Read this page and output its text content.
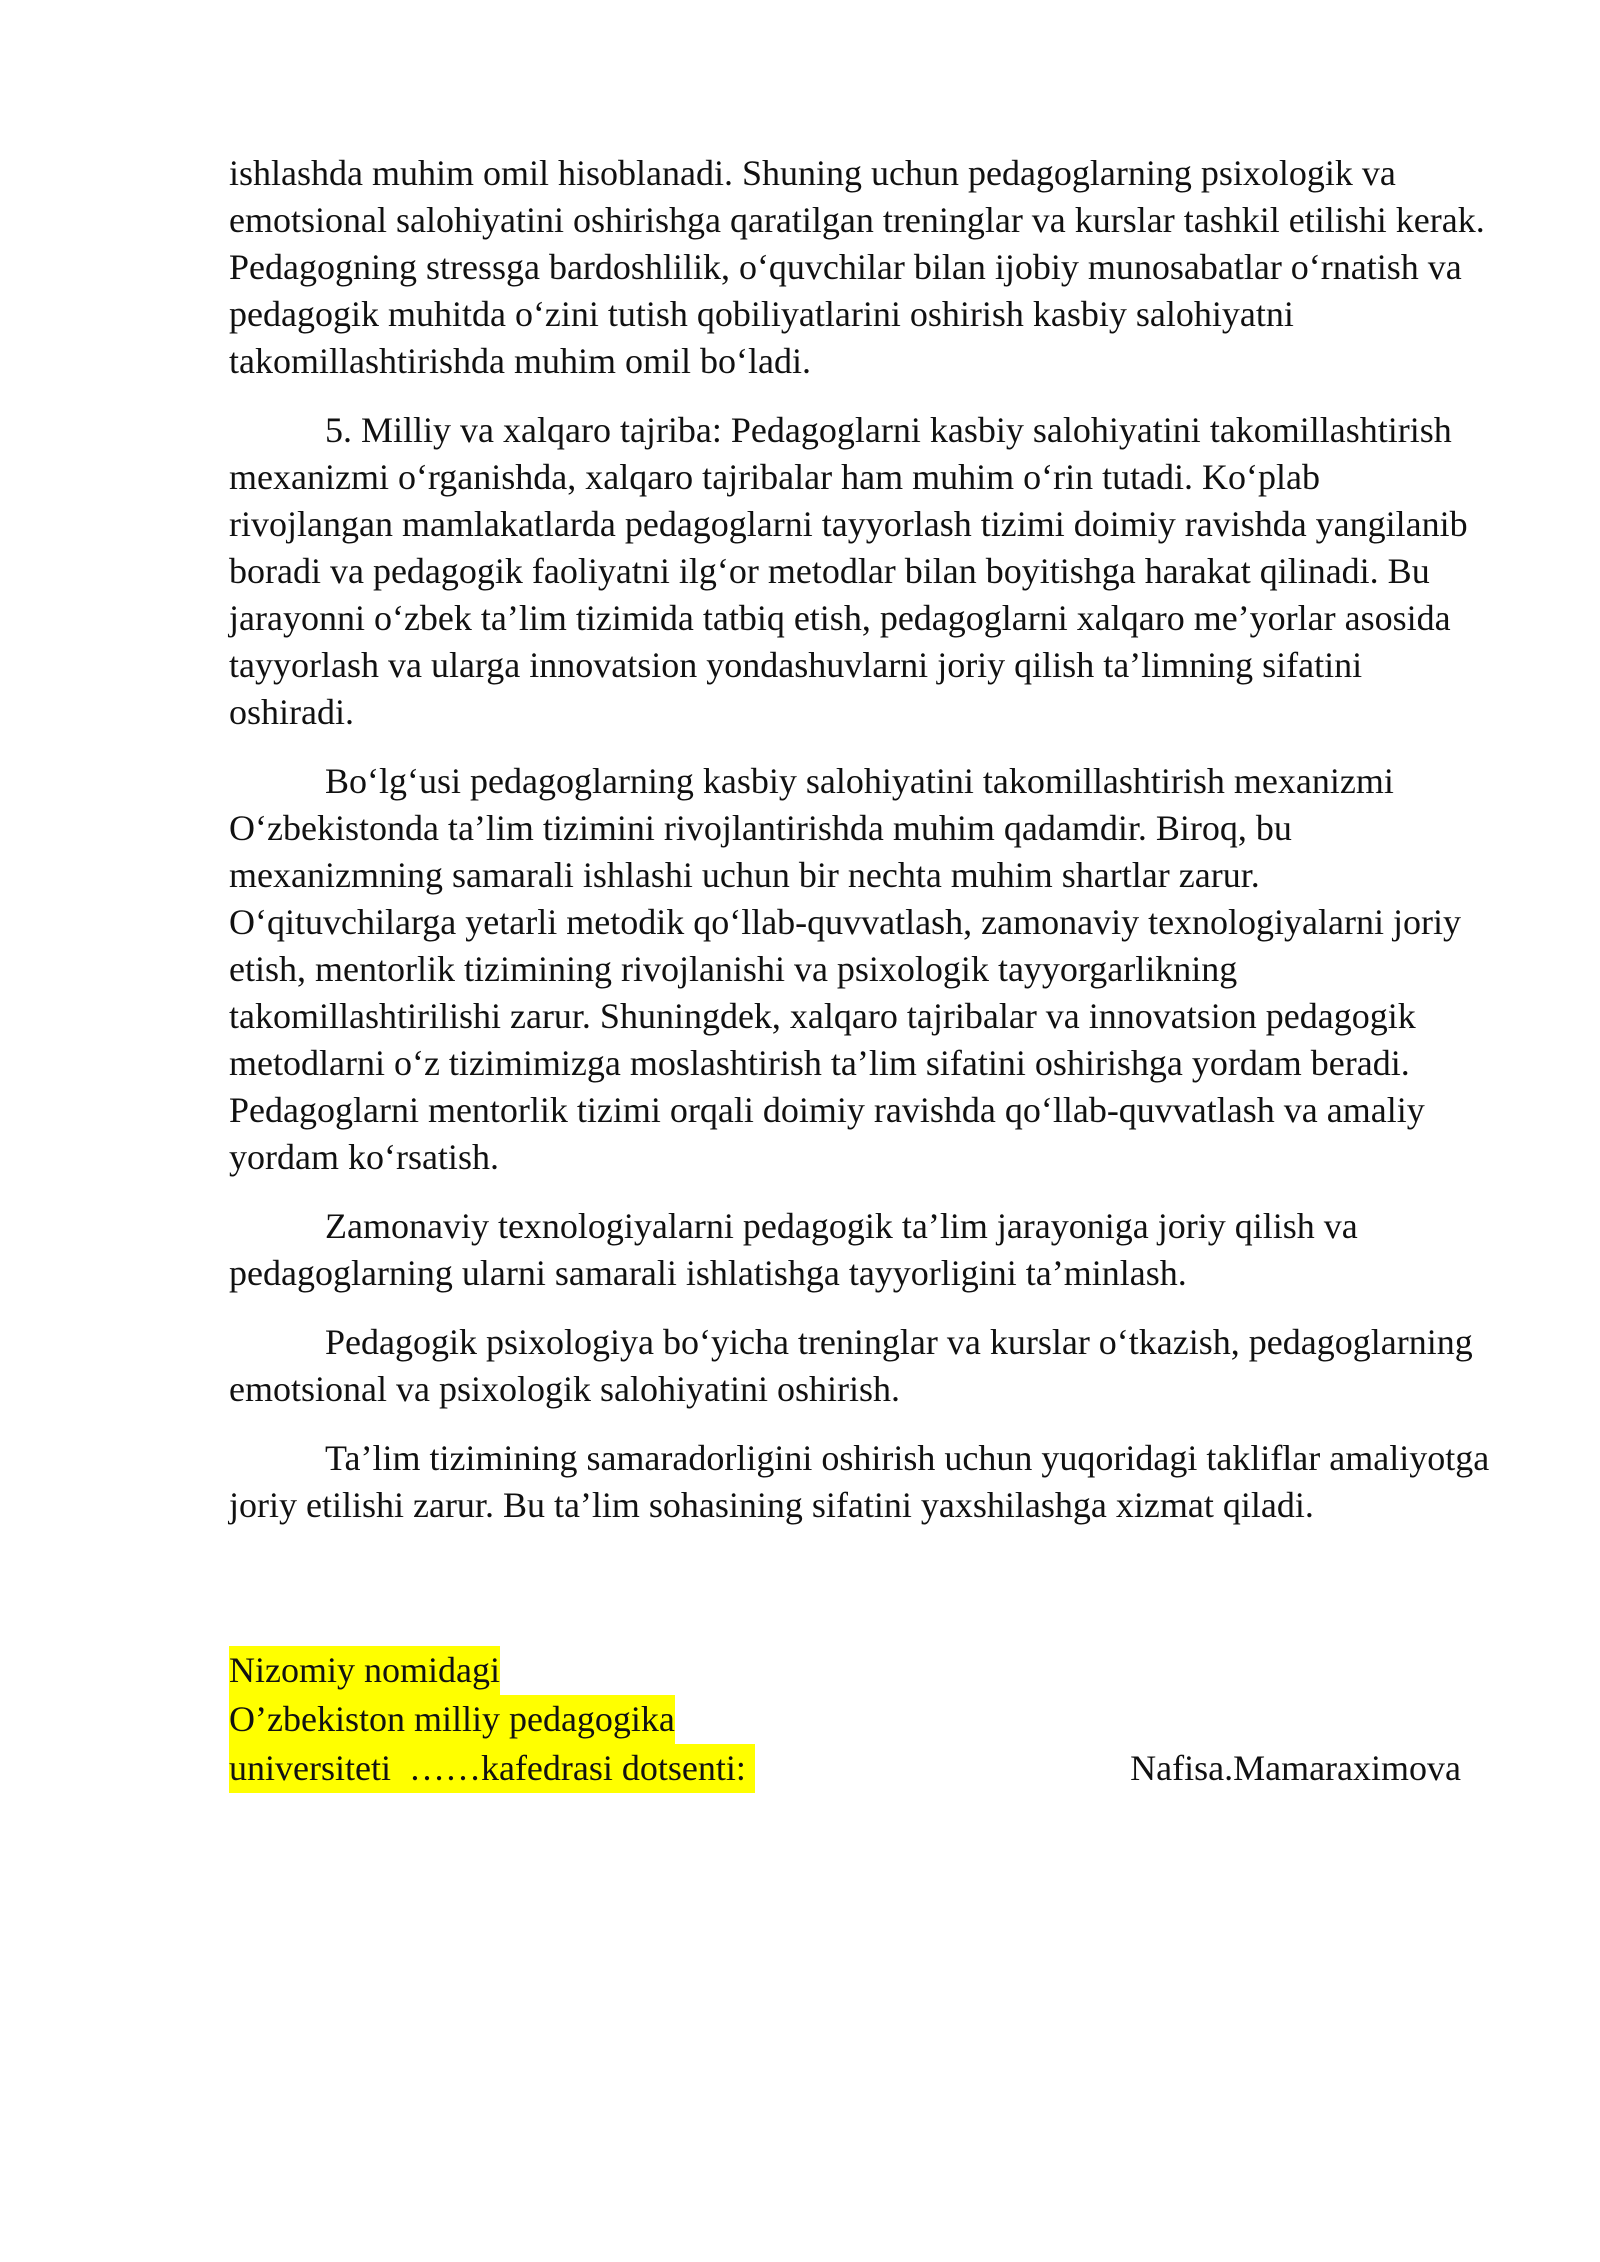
ishlashda muhim omil hisoblanadi. Shuning uchun pedagoglarning psixologik va emotsional salohiyatini oshirishga qaratilgan treninglar va kurslar tashkil etilishi kerak. Pedagogning stressga bardoshlilik, o‘quvchilar bilan ijobiy munosabatlar o‘rnatish va pedagogik muhitda o‘zini tutish qobiliyatlarini oshirish kasbiy salohiyatni takomillashtirishda muhim omil bo‘ladi.

5. Milliy va xalqaro tajriba: Pedagoglarni kasbiy salohiyatini takomillashtirish mexanizmi o‘rganishda, xalqaro tajribalar ham muhim o‘rin tutadi. Ko‘plab rivojlangan mamlakatlarda pedagoglarni tayyorlash tizimi doimiy ravishda yangilanib boradi va pedagogik faoliyatni ilg‘or metodlar bilan boyitishga harakat qilinadi. Bu jarayonni o‘zbek ta’lim tizimida tatbiq etish, pedagoglarni xalqaro me’yorlar asosida tayyorlash va ularga innovatsion yondashuvlarni joriy qilish ta’limning sifatini oshiradi.

Bo‘lg‘usi pedagoglarning kasbiy salohiyatini takomillashtirish mexanizmi O‘zbekistonda ta’lim tizimini rivojlantirishda muhim qadamdir. Biroq, bu mexanizmning samarali ishlashi uchun bir nechta muhim shartlar zarur. O‘qituvchilarga yetarli metodik qo‘llab-quvvatlash, zamonaviy texnologiyalarni joriy etish, mentorlik tizimining rivojlanishi va psixologik tayyorgarlikning takomillashtirilishi zarur. Shuningdek, xalqaro tajribalar va innovatsion pedagogik metodlarni o‘z tizimimizga moslashtirish ta’lim sifatini oshirishga yordam beradi. Pedagoglarni mentorlik tizimi orqali doimiy ravishda qo‘llab-quvvatlash va amaliy yordam ko‘rsatish.

Zamonaviy texnologiyalarni pedagogik ta’lim jarayoniga joriy qilish va pedagoglarning ularni samarali ishlatishga tayyorligini ta’minlash.

Pedagogik psixologiya bo‘yicha treninglar va kurslar o‘tkazish, pedagoglarning emotsional va psixologik salohiyatini oshirish.

Ta’lim tizimining samaradorligini oshirish uchun yuqoridagi takliflar amaliyotga joriy etilishi zarur. Bu ta’lim sohasining sifatini yaxshilashga xizmat qiladi.

Nizomiy nomidagi
O’zbekiston milliy pedagogika
universiteti  ……kafedrasi dotsenti:	Nafisa.Mamaraximova
